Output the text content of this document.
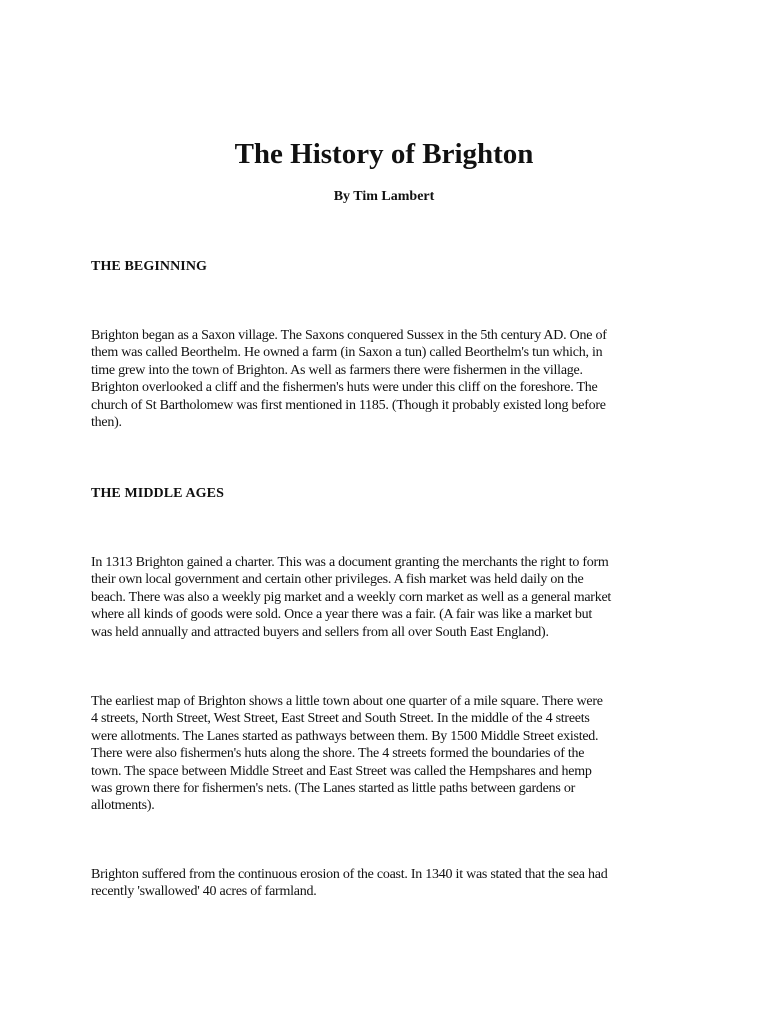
The History of Brighton

By Tim Lambert

THE BEGINNING
Brighton began as a Saxon village. The Saxons conquered Sussex in the 5th century AD. One of
them was called Beorthelm. He owned a farm (in Saxon a tun) called Beorthelm's tun which, in
time grew into the town of Brighton. As well as farmers there were fishermen in the village.
Brighton overlooked a cliff and the fishermen's huts were under this cliff on the foreshore. The
church of St Bartholomew was first mentioned in 1185. (Though it probably existed long before
then).
THE MIDDLE AGES
In 1313 Brighton gained a charter. This was a document granting the merchants the right to form
their own local government and certain other privileges. A fish market was held daily on the
beach. There was also a weekly pig market and a weekly corn market as well as a general market
where all kinds of goods were sold. Once a year there was a fair. (A fair was like a market but
was held annually and attracted buyers and sellers from all over South East England).
The earliest map of Brighton shows a little town about one quarter of a mile square. There were
4 streets, North Street, West Street, East Street and South Street. In the middle of the 4 streets
were allotments. The Lanes started as pathways between them. By 1500 Middle Street existed.
There were also fishermen's huts along the shore. The 4 streets formed the boundaries of the
town. The space between Middle Street and East Street was called the Hempshares and hemp
was grown there for fishermen's nets. (The Lanes started as little paths between gardens or
allotments).
Brighton suffered from the continuous erosion of the coast. In 1340 it was stated that the sea had
recently 'swallowed' 40 acres of farmland.
